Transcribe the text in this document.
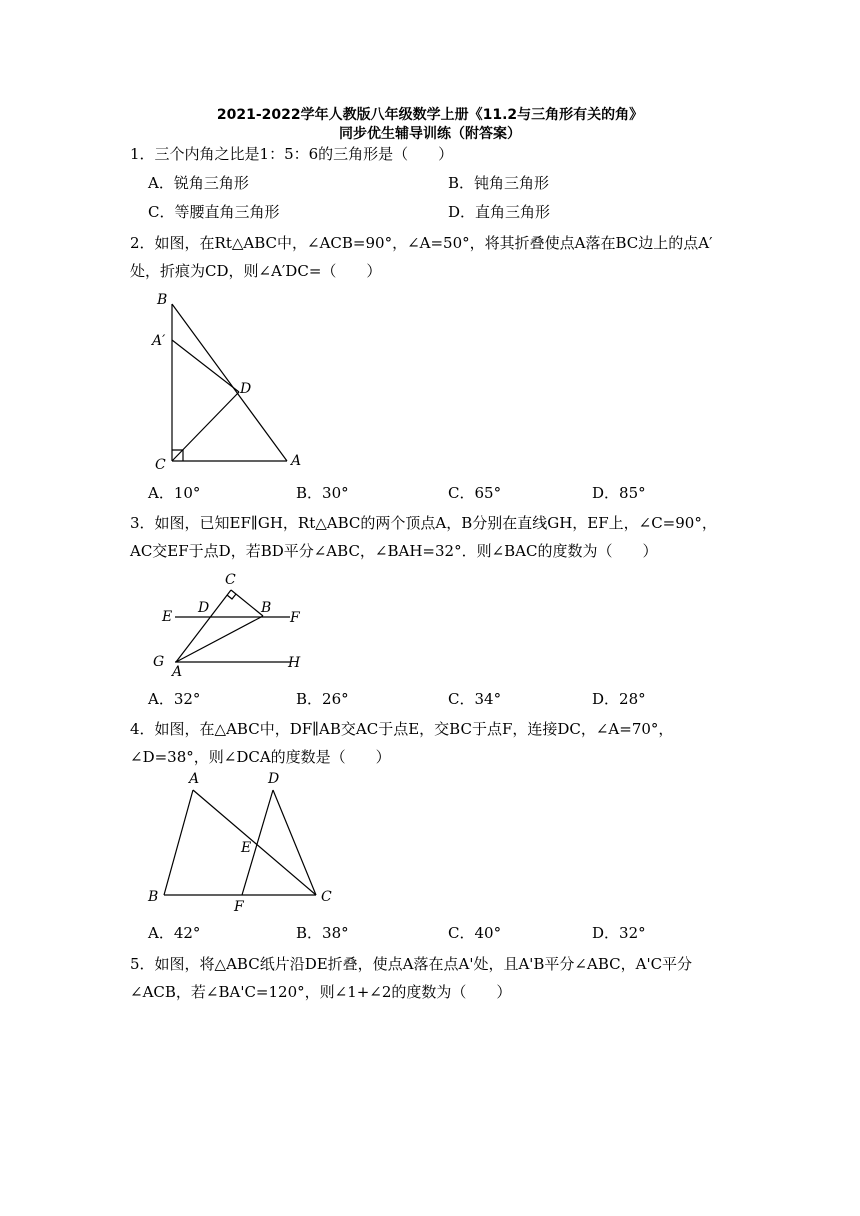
2021-2022学年人教版八年级数学上册《11.2与三角形有关的角》
同步优生辅导训练（附答案）
1．三个内角之比是1：5：6的三角形是（　　）
A．锐角三角形	B．钝角三角形
C．等腰直角三角形	D．直角三角形
2．如图，在Rt△ABC中，∠ACB=90°，∠A=50°，将其折叠使点A落在BC边上的点A′处，折痕为CD，则∠A′DC=（　　）
B
A′
D
C	A
A．10°	B．30°	C．65°	D．85°
3．如图，已知EF∥GH，Rt△ABC的两个顶点A，B分别在直线GH，EF上，∠C=90°，AC交EF于点D，若BD平分∠ABC，∠BAH=32°．则∠BAC的度数为（　　）
C
E
D	B
F
G
A
H
A．32°	B．26°	C．34°	D．28°
4．如图，在△ABC中，DF∥AB交AC于点E，交BC于点F，连接DC，∠A=70°，∠D=38°，则∠DCA的度数是（　　）
A	D
E
B
F
C
A．42°	B．38°	C．40°	D．32°
5．如图，将△ABC纸片沿DE折叠，使点A落在点A'处，且A'B平分∠ABC，A'C平分∠ACB，若∠BA'C=120°，则∠1+∠2的度数为（　　）
